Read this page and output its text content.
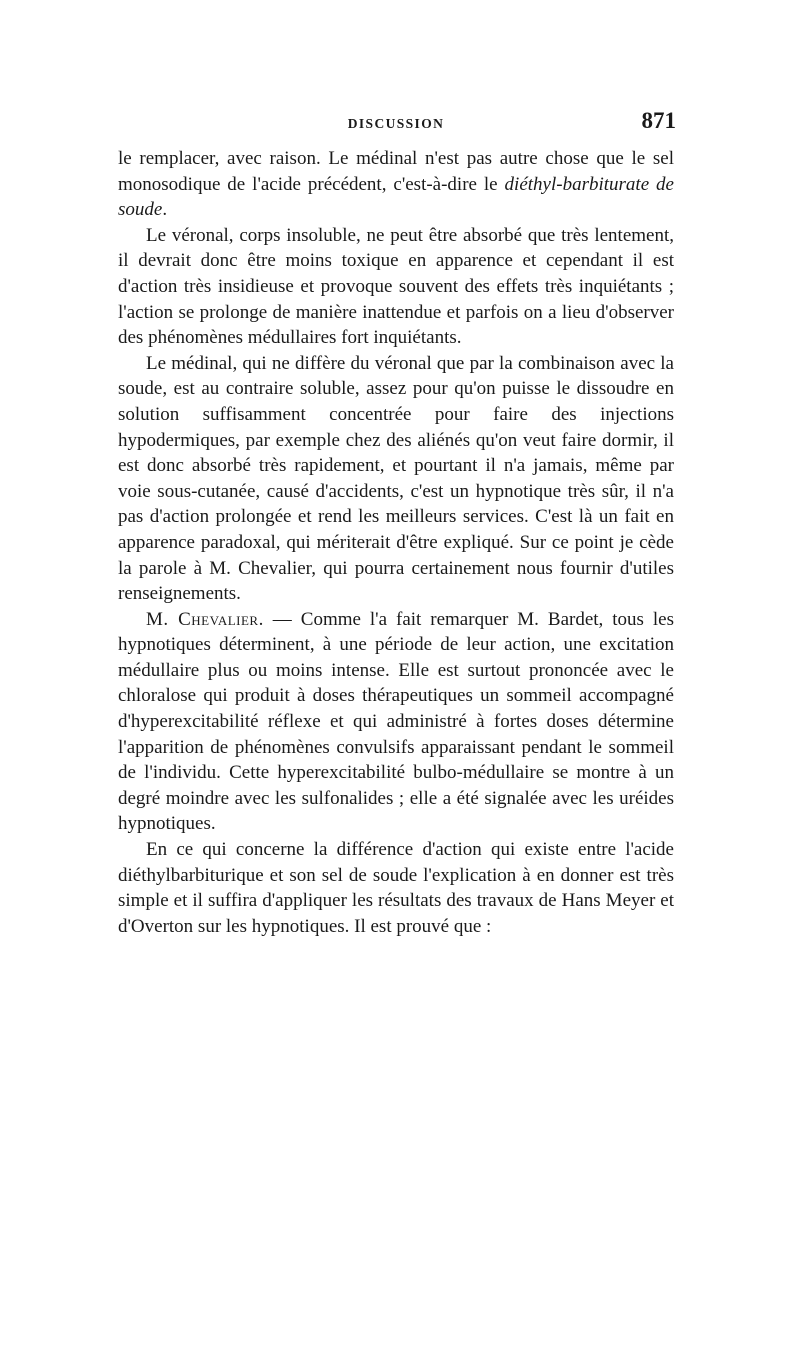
DISCUSSION	871

le remplacer, avec raison. Le médinal n'est pas autre chose que le sel monosodique de l'acide précédent, c'est-à-dire le diéthyl-barbiturate de soude.

Le véronal, corps insoluble, ne peut être absorbé que très lentement, il devrait donc être moins toxique en apparence et cependant il est d'action très insidieuse et provoque souvent des effets très inquiétants ; l'action se prolonge de manière inattendue et parfois on a lieu d'observer des phénomènes médullaires fort inquiétants.

Le médinal, qui ne diffère du véronal que par la combinaison avec la soude, est au contraire soluble, assez pour qu'on puisse le dissoudre en solution suffisamment concentrée pour faire des injections hypodermiques, par exemple chez des aliénés qu'on veut faire dormir, il est donc absorbé très rapidement, et pourtant il n'a jamais, même par voie sous-cutanée, causé d'accidents, c'est un hypnotique très sûr, il n'a pas d'action prolongée et rend les meilleurs services. C'est là un fait en apparence paradoxal, qui mériterait d'être expliqué. Sur ce point je cède la parole à M. Chevalier, qui pourra certainement nous fournir d'utiles renseignements.

M. Chevalier. — Comme l'a fait remarquer M. Bardet, tous les hypnotiques déterminent, à une période de leur action, une excitation médullaire plus ou moins intense. Elle est surtout prononcée avec le chloralose qui produit à doses thérapeutiques un sommeil accompagné d'hyperexcitabilité réflexe et qui administré à fortes doses détermine l'apparition de phénomènes convulsifs apparaissant pendant le sommeil de l'individu. Cette hyperexcitabilité bulbo-médullaire se montre à un degré moindre avec les sulfonalides ; elle a été signalée avec les uréides hypnotiques.

En ce qui concerne la différence d'action qui existe entre l'acide diéthylbarbiturique et son sel de soude l'explication à en donner est très simple et il suffira d'appliquer les résultats des travaux de Hans Meyer et d'Overton sur les hypnotiques. Il est prouvé que :
